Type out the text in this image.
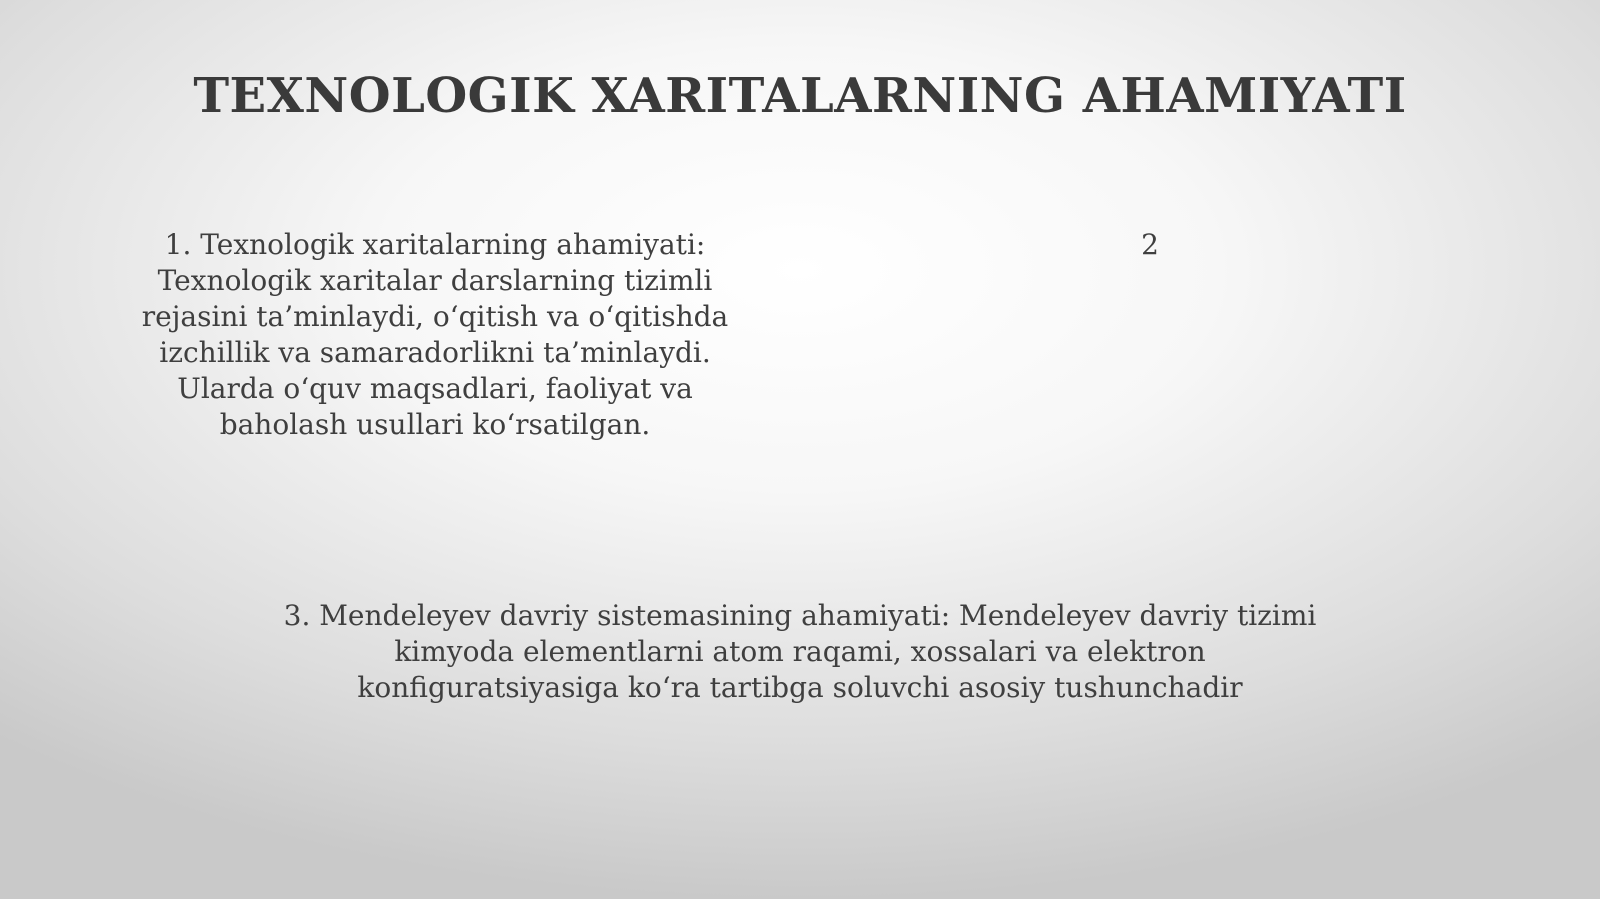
TEXNOLOGIK XARITALARNING AHAMIYATI

1. Texnologik xaritalarning ahamiyati: Texnologik xaritalar darslarning tizimli rejasini ta’minlaydi, o‘qitish va o‘qitishda izchillik va samaradorlikni ta’minlaydi. Ularda o‘quv maqsadlari, faoliyat va baholash usullari ko‘rsatilgan.

2

3. Mendeleyev davriy sistemasining ahamiyati: Mendeleyev davriy tizimi kimyoda elementlarni atom raqami, xossalari va elektron konfiguratsiyasiga ko‘ra tartibga soluvchi asosiy tushunchadir
